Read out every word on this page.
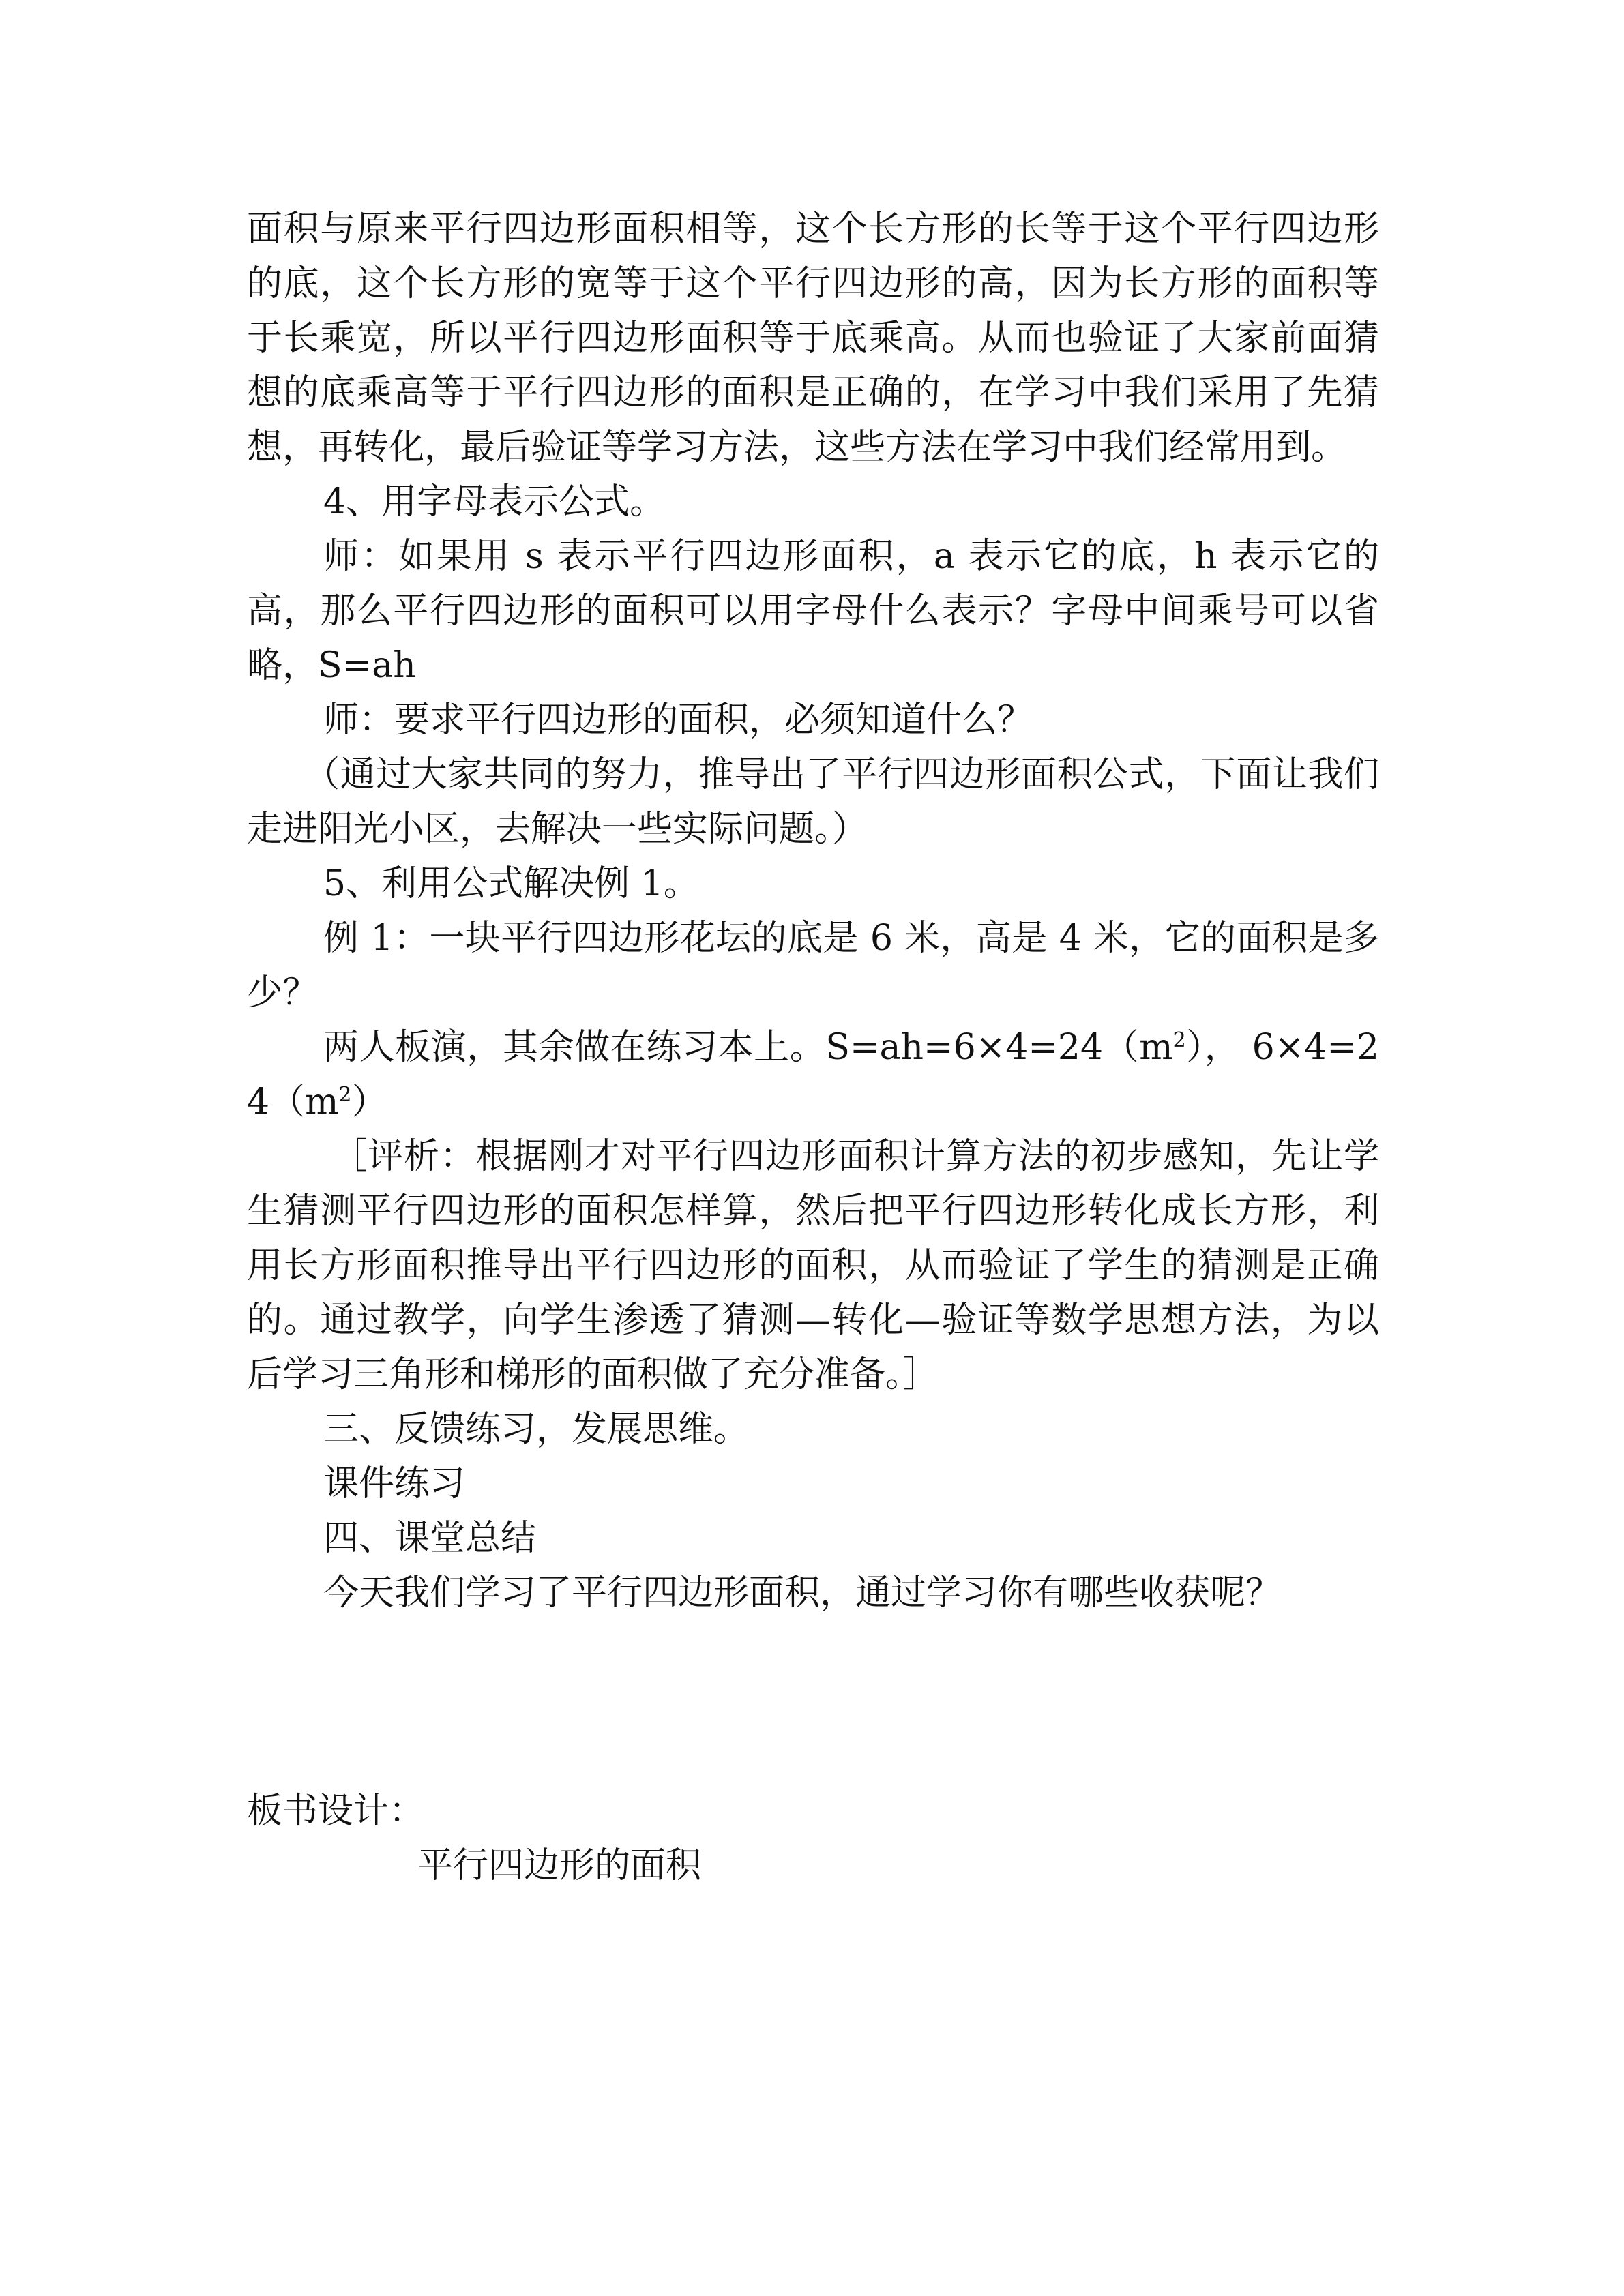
面积与原来平行四边形面积相等，这个长方形的长等于这个平行四边形的底，这个长方形的宽等于这个平行四边形的高，因为长方形的面积等于长乘宽，所以平行四边形面积等于底乘高。从而也验证了大家前面猜想的底乘高等于平行四边形的面积是正确的，在学习中我们采用了先猜想，再转化，最后验证等学习方法，这些方法在学习中我们经常用到。

4、用字母表示公式。

师：如果用 s 表示平行四边形面积，a 表示它的底，h 表示它的高，那么平行四边形的面积可以用字母什么表示？字母中间乘号可以省略，S=ah

师：要求平行四边形的面积，必须知道什么？

（通过大家共同的努力，推导出了平行四边形面积公式，下面让我们走进阳光小区，去解决一些实际问题。）

5、利用公式解决例 1。

例 1：一块平行四边形花坛的底是 6 米，高是 4 米，它的面积是多少？

两人板演，其余做在练习本上。$S=ah=6\times 4=24(m^2)$， $6\times 4=24(m^2)$

［评析：根据刚才对平行四边形面积计算方法的初步感知，先让学生猜测平行四边形的面积怎样算，然后把平行四边形转化成长方形，利用长方形面积推导出平行四边形的面积，从而验证了学生的猜测是正确的。通过教学，向学生渗透了猜测—转化—验证等数学思想方法，为以后学习三角形和梯形的面积做了充分准备。］

三、反馈练习，发展思维。

课件练习

四、课堂总结

今天我们学习了平行四边形面积，通过学习你有哪些收获呢？

板书设计：

平行四边形的面积
